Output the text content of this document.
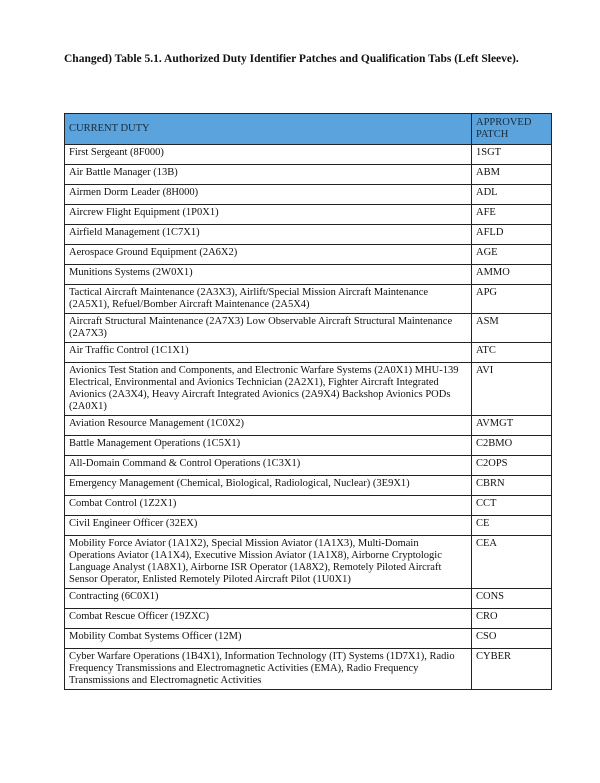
Changed) Table 5.1. Authorized Duty Identifier Patches and Qualification Tabs (Left Sleeve).
CURRENT DUTY	APPROVED PATCH
First Sergeant (8F000)	1SGT
Air Battle Manager (13B)	ABM
Airmen Dorm Leader (8H000)	ADL
Aircrew Flight Equipment (1P0X1)	AFE
Airfield Management (1C7X1)	AFLD
Aerospace Ground Equipment (2A6X2)	AGE
Munitions Systems (2W0X1)	AMMO
Tactical Aircraft Maintenance (2A3X3), Airlift/Special Mission Aircraft Maintenance (2A5X1), Refuel/Bomber Aircraft Maintenance (2A5X4)	APG
Aircraft Structural Maintenance (2A7X3) Low Observable Aircraft Structural Maintenance (2A7X3)	ASM
Air Traffic Control (1C1X1)	ATC
Avionics Test Station and Components, and Electronic Warfare Systems (2A0X1) MHU-139 Electrical, Environmental and Avionics Technician (2A2X1), Fighter Aircraft Integrated Avionics (2A3X4), Heavy Aircraft Integrated Avionics (2A9X4) Backshop Avionics PODs (2A0X1)	AVI
Aviation Resource Management (1C0X2)	AVMGT
Battle Management Operations (1C5X1)	C2BMO
All-Domain Command & Control Operations (1C3X1)	C2OPS
Emergency Management (Chemical, Biological, Radiological, Nuclear) (3E9X1)	CBRN
Combat Control (1Z2X1)	CCT
Civil Engineer Officer (32EX)	CE
Mobility Force Aviator (1A1X2), Special Mission Aviator (1A1X3), Multi-Domain Operations Aviator (1A1X4), Executive Mission Aviator (1A1X8), Airborne Cryptologic Language Analyst (1A8X1), Airborne ISR Operator (1A8X2), Remotely Piloted Aircraft Sensor Operator, Enlisted Remotely Piloted Aircraft Pilot (1U0X1)	CEA
Contracting (6C0X1)	CONS
Combat Rescue Officer (19ZXC)	CRO
Mobility Combat Systems Officer (12M)	CSO
Cyber Warfare Operations (1B4X1), Information Technology (IT) Systems (1D7X1), Radio Frequency Transmissions and Electromagnetic Activities (EMA), Radio Frequency Transmissions and Electromagnetic Activities	CYBER
